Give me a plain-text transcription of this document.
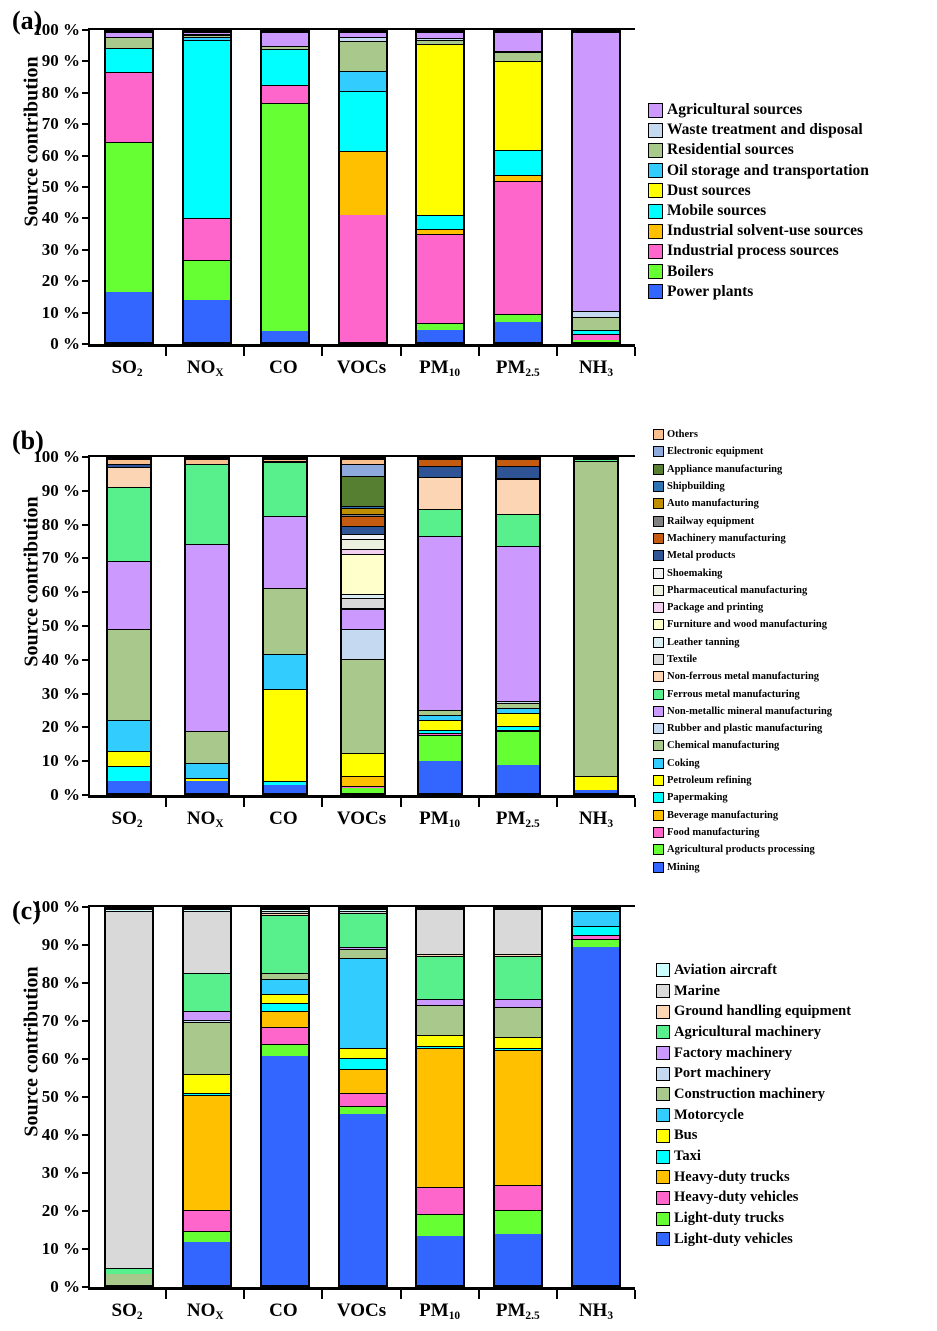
(a)
Source contribution
0 %
10 %
20 %
30 %
40 %
50 %
60 %
70 %
80 %
90 %
100 %
Agricultural sources
Waste treatment and disposal
Residential sources
Oil storage and transportation
Dust sources
Mobile sources
Industrial solvent-use sources
Industrial process sources
Boilers
Power plants
$SO_2$	$NO_X$	CO	VOCs	$PM_{10}$	$PM_{2.5}$	$NH_3$
(b)
Source contribution
0 %
10 %
20 %
30 %
40 %
50 %
60 %
70 %
80 %
90 %
100 %
Others
Electronic equipment
Appliance manufacturing
Shipbuilding
Auto manufacturing
Railway equipment
Machinery manufacturing
Metal products
Shoemaking
Pharmaceutical manufacturing
Package and printing
Furniture and wood manufacturing
Leather tanning
Textile
Non-ferrous metal manufacturing
Ferrous metal manufacturing
Non-metallic mineral manufacturing
Rubber and plastic manufacturing
Chemical manufacturing
Coking
Petroleum refining
Papermaking
Beverage manufacturing
Food manufacturing
Agricultural products processing
Mining
$SO_2$	$NO_X$	CO	VOCs	$PM_{10}$	$PM_{2.5}$	$NH_3$
(c)
Source contribution
0 %
10 %
20 %
30 %
40 %
50 %
60 %
70 %
80 %
90 %
100 %
Aviation aircraft
Marine
Ground handling equipment
Agricultural machinery
Factory machinery
Port machinery
Construction machinery
Motorcycle
Bus
Taxi
Heavy-duty trucks
Heavy-duty vehicles
Light-duty trucks
Light-duty vehicles
$SO_2$	$NO_X$	CO	VOCs	$PM_{10}$	$PM_{2.5}$	$NH_3$
